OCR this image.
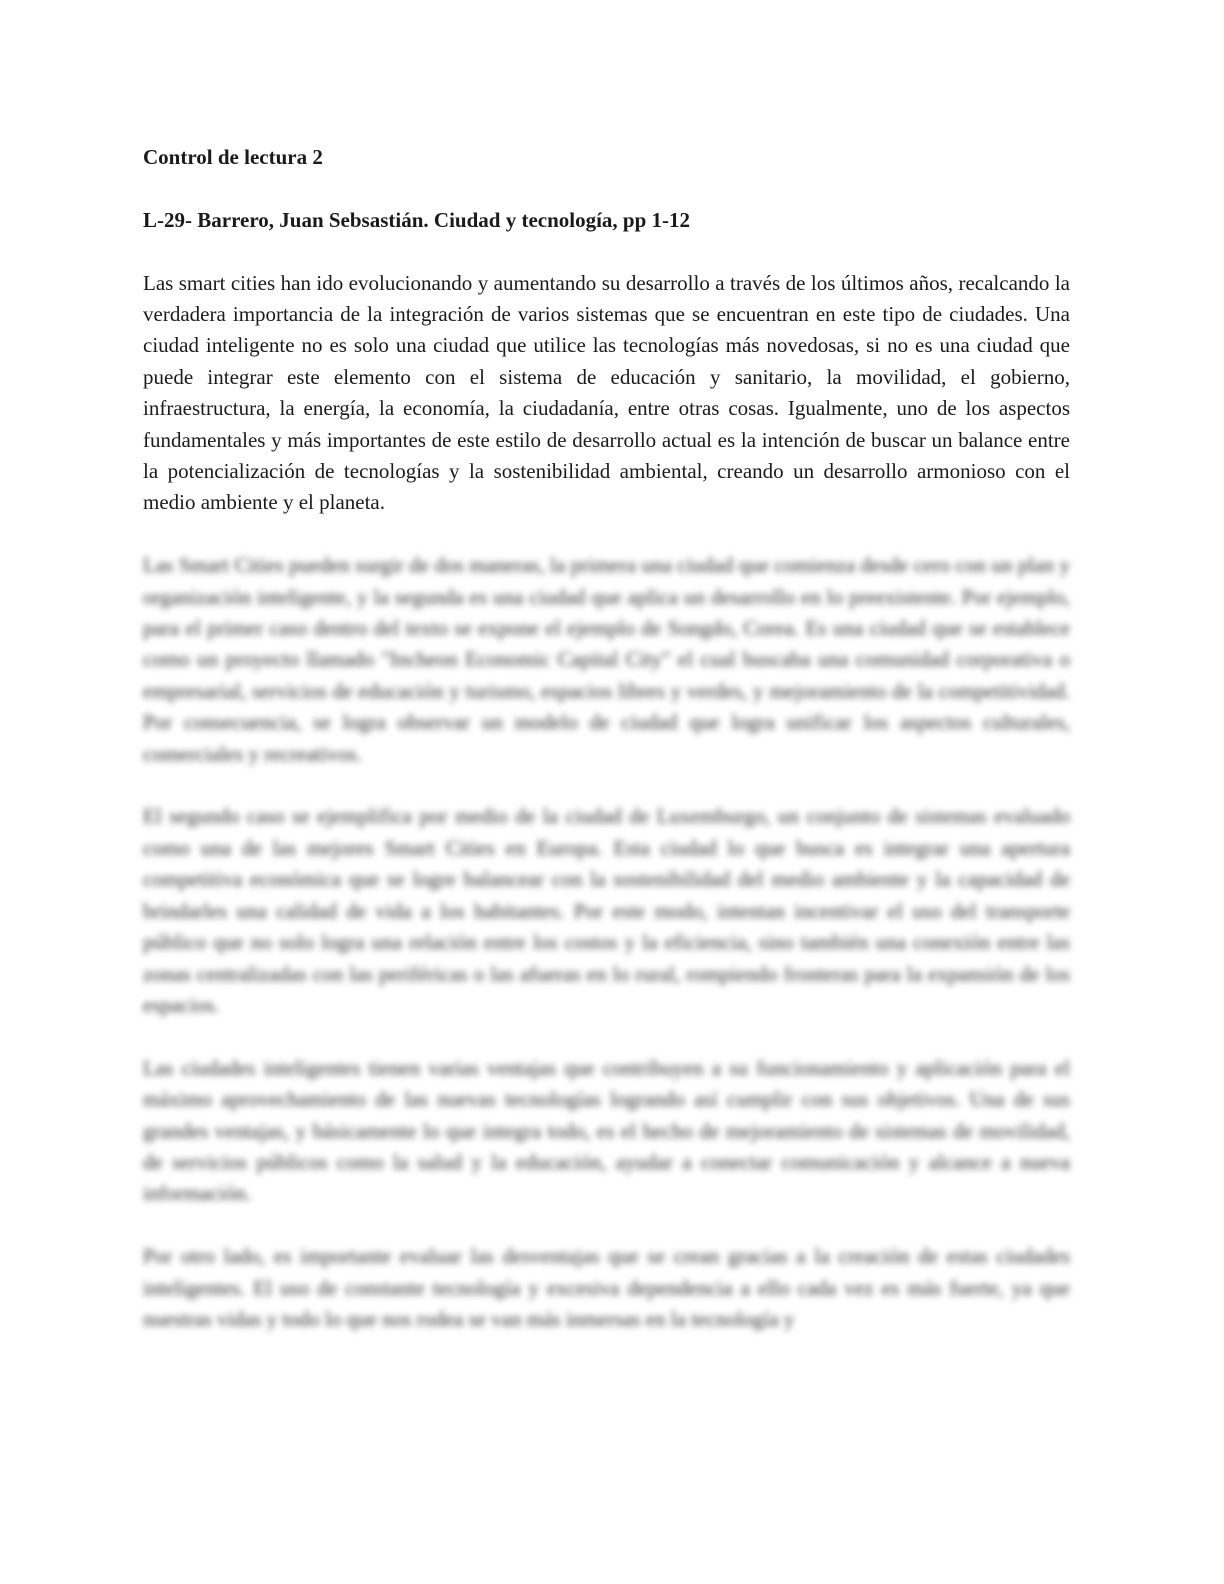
Control de lectura 2
L-29- Barrero, Juan Sebsastián. Ciudad y tecnología, pp 1-12

Las smart cities han ido evolucionando y aumentando su desarrollo a través de los últimos años, recalcando la verdadera importancia de la integración de varios sistemas que se encuentran en este tipo de ciudades. Una ciudad inteligente no es solo una ciudad que utilice las tecnologías más novedosas, si no es una ciudad que puede integrar este elemento con el sistema de educación y sanitario, la movilidad, el gobierno, infraestructura, la energía, la economía, la ciudadanía, entre otras cosas. Igualmente, uno de los aspectos fundamentales y más importantes de este estilo de desarrollo actual es la intención de buscar un balance entre la potencialización de tecnologías y la sostenibilidad ambiental, creando un desarrollo armonioso con el medio ambiente y el planeta.

Las Smart Cities pueden surgir de dos maneras, la primera una ciudad que comienza desde cero con un plan y organización inteligente, y la segunda es una ciudad que aplica un desarrollo en lo preexistente. Por ejemplo, para el primer caso dentro del texto se expone el ejemplo de Songdo, Corea. Es una ciudad que se establece como un proyecto llamado "Incheon Economic Capital City" el cual buscaba una comunidad corporativa o empresarial, servicios de educación y turismo, espacios libres y verdes, y mejoramiento de la competitividad. Por consecuencia, se logra observar un modelo de ciudad que logra unificar los aspectos culturales, comerciales y recreativos.

El segundo caso se ejemplifica por medio de la ciudad de Luxemburgo, un conjunto de sistemas evaluado como una de las mejores Smart Cities en Europa. Esta ciudad lo que busca es integrar una apertura competitiva económica que se logre balancear con la sostenibilidad del medio ambiente y la capacidad de brindarles una calidad de vida a los habitantes. Por este modo, intentan incentivar el uso del transporte público que no solo logra una relación entre los costos y la eficiencia, sino también una conexión entre las zonas centralizadas con las periféricas o las afueras en lo rural, rompiendo fronteras para la expansión de los espacios.

Las ciudades inteligentes tienen varias ventajas que contribuyen a su funcionamiento y aplicación para el máximo aprovechamiento de las nuevas tecnologías logrando así cumplir con sus objetivos. Una de sus grandes ventajas, y básicamente lo que integra todo, es el hecho de mejoramiento de sistemas de movilidad, de servicios públicos como la salud y la educación, ayudar a conectar comunicación y alcance a nueva información.

Por otro lado, es importante evaluar las desventajas que se crean gracias a la creación de estas ciudades inteligentes. El uso de constante tecnología y excesiva dependencia a ello cada vez es más fuerte, ya que nuestras vidas y todo lo que nos rodea se van más inmersas en la tecnología y
